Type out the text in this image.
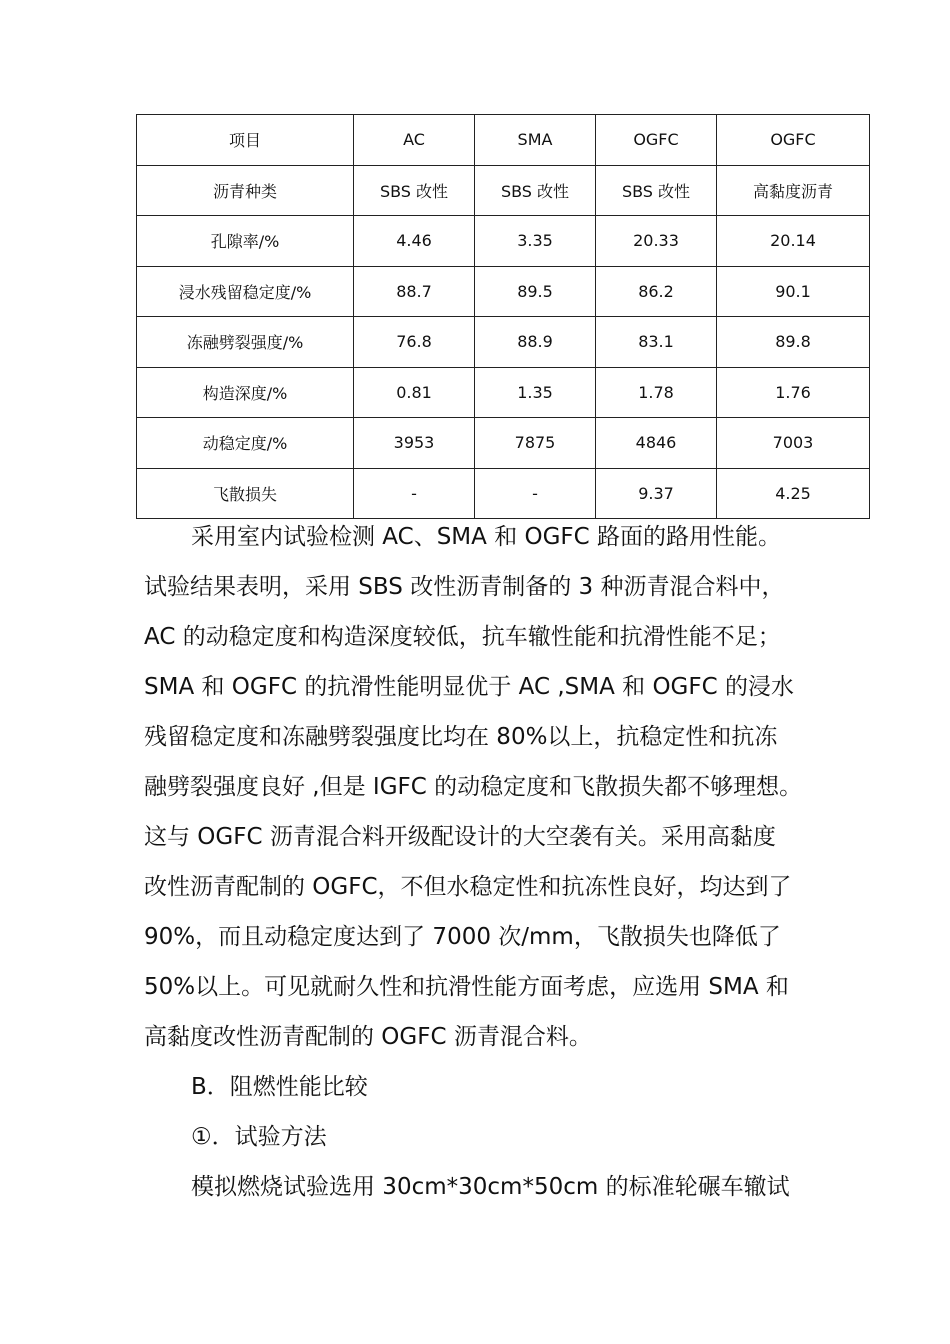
项目	AC	SMA	OGFC	OGFC
沥青种类	SBS 改性	SBS 改性	SBS 改性	高黏度沥青
孔隙率/%	4.46	3.35	20.33	20.14
浸水残留稳定度/%	88.7	89.5	86.2	90.1
冻融劈裂强度/%	76.8	88.9	83.1	89.8
构造深度/%	0.81	1.35	1.78	1.76
动稳定度/%	3953	7875	4846	7003
飞散损失	-	-	9.37	4.25
采用室内试验检测 AC、SMA 和 OGFC 路面的路用性能。
试验结果表明，采用 SBS 改性沥青制备的 3 种沥青混合料中，
AC 的动稳定度和构造深度较低，抗车辙性能和抗滑性能不足；
SMA 和 OGFC 的抗滑性能明显优于 AC ,SMA 和 OGFC 的浸水
残留稳定度和冻融劈裂强度比均在 80%以上，抗稳定性和抗冻
融劈裂强度良好 ,但是 IGFC 的动稳定度和飞散损失都不够理想。
这与 OGFC 沥青混合料开级配设计的大空袭有关。采用高黏度
改性沥青配制的 OGFC，不但水稳定性和抗冻性良好，均达到了
90%，而且动稳定度达到了 7000 次/mm，飞散损失也降低了
50%以上。可见就耐久性和抗滑性能方面考虑，应选用 SMA 和
高黏度改性沥青配制的 OGFC 沥青混合料。
B．阻燃性能比较
①．试验方法
模拟燃烧试验选用 30cm*30cm*50cm 的标准轮碾车辙试
